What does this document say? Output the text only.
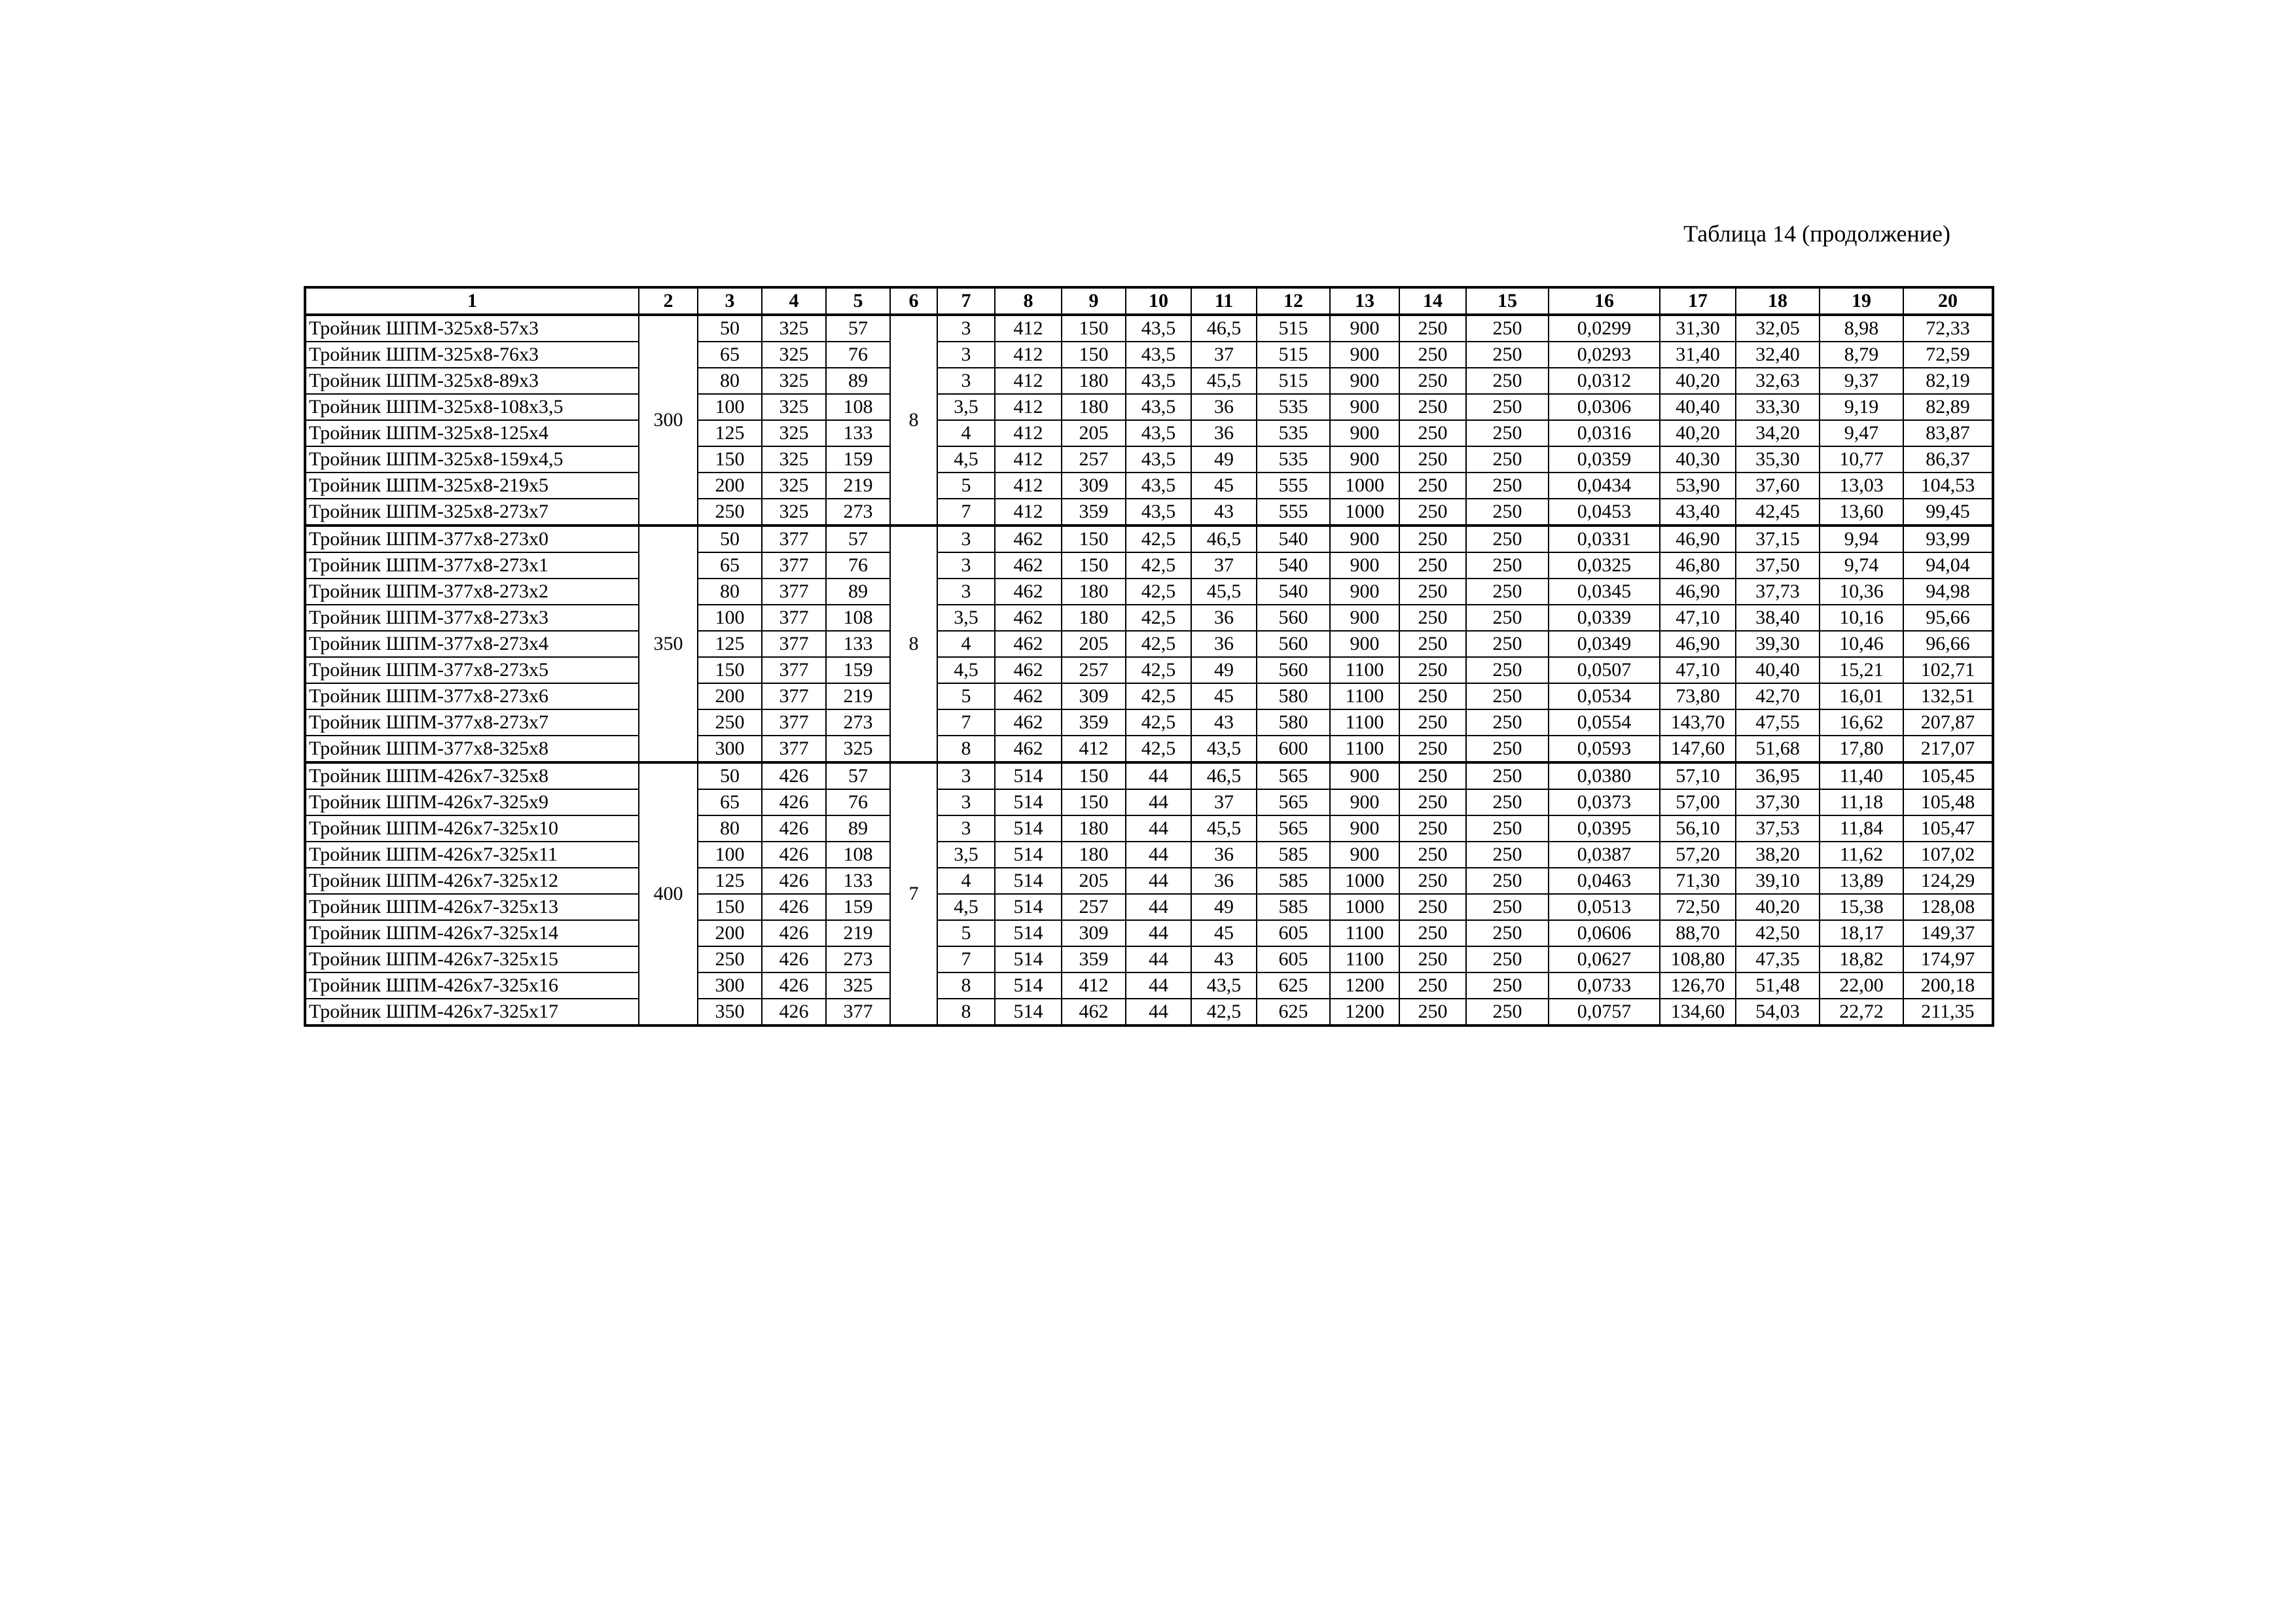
Таблица 14 (продолжение)
1	2	3	4	5	6	7	8	9	10	11	12	13	14	15	16	17	18	19	20
Тройник ШПМ-325х8-57х3	300	50	325	57	8	3	412	150	43,5	46,5	515	900	250	250	0,0299	31,30	32,05	8,98	72,33
Тройник ШПМ-325х8-76х3		65	325	76		3	412	150	43,5	37	515	900	250	250	0,0293	31,40	32,40	8,79	72,59
Тройник ШПМ-325х8-89х3		80	325	89		3	412	180	43,5	45,5	515	900	250	250	0,0312	40,20	32,63	9,37	82,19
Тройник ШПМ-325х8-108х3,5		100	325	108		3,5	412	180	43,5	36	535	900	250	250	0,0306	40,40	33,30	9,19	82,89
Тройник ШПМ-325х8-125х4		125	325	133		4	412	205	43,5	36	535	900	250	250	0,0316	40,20	34,20	9,47	83,87
Тройник ШПМ-325х8-159х4,5		150	325	159		4,5	412	257	43,5	49	535	900	250	250	0,0359	40,30	35,30	10,77	86,37
Тройник ШПМ-325х8-219х5		200	325	219		5	412	309	43,5	45	555	1000	250	250	0,0434	53,90	37,60	13,03	104,53
Тройник ШПМ-325х8-273х7		250	325	273		7	412	359	43,5	43	555	1000	250	250	0,0453	43,40	42,45	13,60	99,45
Тройник ШПМ-377х8-273х0	350	50	377	57	8	3	462	150	42,5	46,5	540	900	250	250	0,0331	46,90	37,15	9,94	93,99
Тройник ШПМ-377х8-273х1		65	377	76		3	462	150	42,5	37	540	900	250	250	0,0325	46,80	37,50	9,74	94,04
Тройник ШПМ-377х8-273х2		80	377	89		3	462	180	42,5	45,5	540	900	250	250	0,0345	46,90	37,73	10,36	94,98
Тройник ШПМ-377х8-273х3		100	377	108		3,5	462	180	42,5	36	560	900	250	250	0,0339	47,10	38,40	10,16	95,66
Тройник ШПМ-377х8-273х4		125	377	133		4	462	205	42,5	36	560	900	250	250	0,0349	46,90	39,30	10,46	96,66
Тройник ШПМ-377х8-273х5		150	377	159		4,5	462	257	42,5	49	560	1100	250	250	0,0507	47,10	40,40	15,21	102,71
Тройник ШПМ-377х8-273х6		200	377	219		5	462	309	42,5	45	580	1100	250	250	0,0534	73,80	42,70	16,01	132,51
Тройник ШПМ-377х8-273х7		250	377	273		7	462	359	42,5	43	580	1100	250	250	0,0554	143,70	47,55	16,62	207,87
Тройник ШПМ-377х8-325х8		300	377	325		8	462	412	42,5	43,5	600	1100	250	250	0,0593	147,60	51,68	17,80	217,07
Тройник ШПМ-426х7-325х8	400	50	426	57	7	3	514	150	44	46,5	565	900	250	250	0,0380	57,10	36,95	11,40	105,45
Тройник ШПМ-426х7-325х9		65	426	76		3	514	150	44	37	565	900	250	250	0,0373	57,00	37,30	11,18	105,48
Тройник ШПМ-426х7-325х10		80	426	89		3	514	180	44	45,5	565	900	250	250	0,0395	56,10	37,53	11,84	105,47
Тройник ШПМ-426х7-325х11		100	426	108		3,5	514	180	44	36	585	900	250	250	0,0387	57,20	38,20	11,62	107,02
Тройник ШПМ-426х7-325х12		125	426	133		4	514	205	44	36	585	1000	250	250	0,0463	71,30	39,10	13,89	124,29
Тройник ШПМ-426х7-325х13		150	426	159		4,5	514	257	44	49	585	1000	250	250	0,0513	72,50	40,20	15,38	128,08
Тройник ШПМ-426х7-325х14		200	426	219		5	514	309	44	45	605	1100	250	250	0,0606	88,70	42,50	18,17	149,37
Тройник ШПМ-426х7-325х15		250	426	273		7	514	359	44	43	605	1100	250	250	0,0627	108,80	47,35	18,82	174,97
Тройник ШПМ-426х7-325х16		300	426	325		8	514	412	44	43,5	625	1200	250	250	0,0733	126,70	51,48	22,00	200,18
Тройник ШПМ-426х7-325х17		350	426	377		8	514	462	44	42,5	625	1200	250	250	0,0757	134,60	54,03	22,72	211,35
